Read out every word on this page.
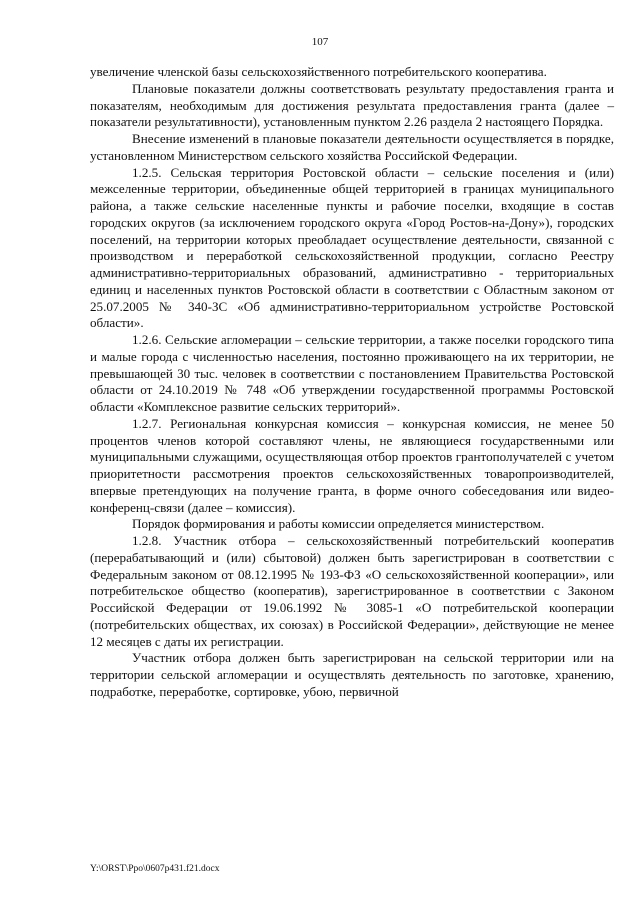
107

увеличение членской базы сельскохозяйственного потребительского кооператива.

Плановые показатели должны соответствовать результату предоставления гранта и показателям, необходимым для достижения результата предоставления гранта (далее – показатели результативности), установленным пунктом 2.26 раздела 2 настоящего Порядка.

Внесение изменений в плановые показатели деятельности осуществляется в порядке, установленном Министерством сельского хозяйства Российской Федерации.

1.2.5. Сельская территория Ростовской области – сельские поселения и (или) межселенные территории, объединенные общей территорией в границах муниципального района, а также сельские населенные пункты и рабочие поселки, входящие в состав городских округов (за исключением городского округа «Город Ростов-на-Дону»), городских поселений, на территории которых преобладает осуществление деятельности, связанной с производством и переработкой сельскохозяйственной продукции, согласно Реестру административно-территориальных образований, административно - территориальных единиц и населенных пунктов Ростовской области в соответствии с Областным законом от 25.07.2005 № 340-ЗС «Об административно-территориальном устройстве Ростовской области».

1.2.6. Сельские агломерации – сельские территории, а также поселки городского типа и малые города с численностью населения, постоянно проживающего на их территории, не превышающей 30 тыс. человек в соответствии с постановлением Правительства Ростовской области от 24.10.2019 № 748 «Об утверждении государственной программы Ростовской области «Комплексное развитие сельских территорий».

1.2.7. Региональная конкурсная комиссия – конкурсная комиссия, не менее 50 процентов членов которой составляют члены, не являющиеся государственными или муниципальными служащими, осуществляющая отбор проектов грантополучателей с учетом приоритетности рассмотрения проектов сельскохозяйственных товаропроизводителей, впервые претендующих на получение гранта, в форме очного собеседования или видео-конференц-связи (далее – комиссия).

Порядок формирования и работы комиссии определяется министерством.

1.2.8. Участник отбора – сельскохозяйственный потребительский кооператив (перерабатывающий и (или) сбытовой) должен быть зарегистрирован в соответствии с Федеральным законом от 08.12.1995 № 193-ФЗ «О сельскохозяйственной кооперации», или потребительское общество (кооператив), зарегистрированное в соответствии с Законом Российской Федерации от 19.06.1992 № 3085-1 «О потребительской кооперации (потребительских обществах, их союзах) в Российской Федерации», действующие не менее 12 месяцев с даты их регистрации.

Участник отбора должен быть зарегистрирован на сельской территории или на территории сельской агломерации и осуществлять деятельность по заготовке, хранению, подработке, переработке, сортировке, убою, первичной

Y:\ORST\Ppo\0607p431.f21.docx
